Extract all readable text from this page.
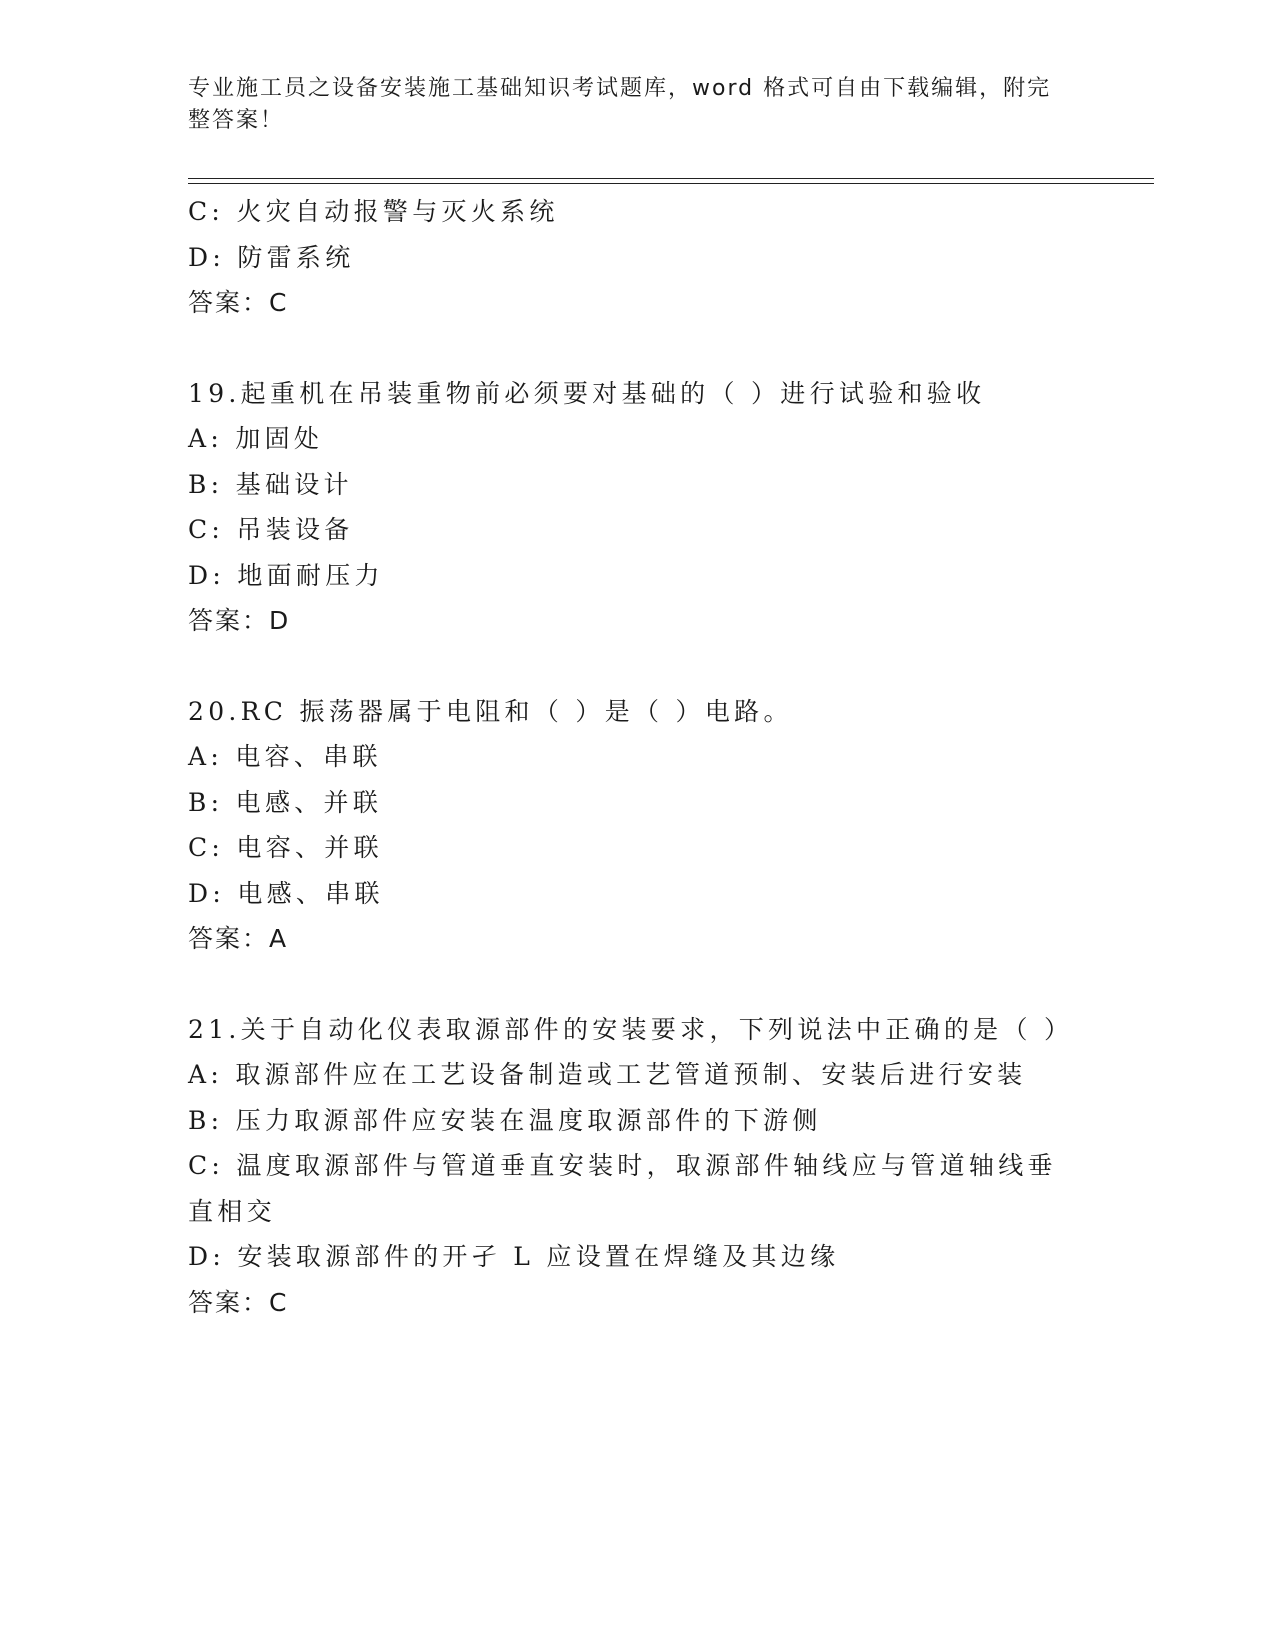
专业施工员之设备安装施工基础知识考试题库，word 格式可自由下载编辑，附完整答案！
C: 火灾自动报警与灭火系统
D: 防雷系统
答案：C
19.起重机在吊装重物前必须要对基础的（ ）进行试验和验收
A: 加固处
B: 基础设计
C: 吊装设备
D: 地面耐压力
答案：D
20.RC 振荡器属于电阻和（ ）是（ ）电路。
A: 电容、串联
B: 电感、并联
C: 电容、并联
D: 电感、串联
答案：A
21.关于自动化仪表取源部件的安装要求，下列说法中正确的是（ ）
A: 取源部件应在工艺设备制造或工艺管道预制、安装后进行安装
B: 压力取源部件应安装在温度取源部件的下游侧
C: 温度取源部件与管道垂直安装时，取源部件轴线应与管道轴线垂直相交
D: 安装取源部件的开孑 L 应设置在焊缝及其边缘
答案：C
